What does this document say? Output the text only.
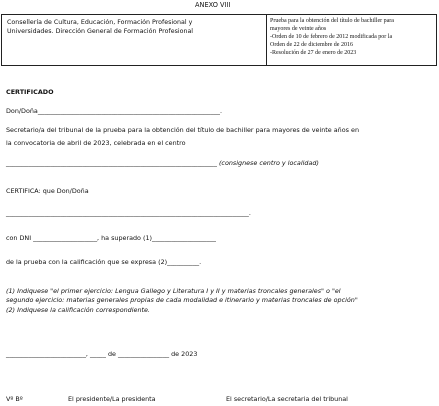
ANEXO VIII
Consellería de Cultura, Educación, Formación Profesional y
Universidades. Dirección General de Formación Profesional
Prueba para la obtención del título de bachiller para
mayores de veinte años
-Orden de 10 de febrero de 2012 modificada por la
Orden de 22 de diciembre de 2016
-Resolución de 27 de enero de 2023
CERTIFICADO
Don/Doña_________________________________________________________.
Secretario/a del tribunal de la prueba para la obtención del título de bachiller para mayores de veinte años en
la convocatoria de abril de 2023, celebrada en el centro
__________________________________________________________________ (consignese centro y localidad)
CERTIFICA: que Don/Doña
____________________________________________________________________________.
con DNI ____________________, ha superado (1)____________________
de la prueba con la calificación que se expresa (2)__________.
(1) Indiquese "el primer ejercicio: Lengua Gallego y Literatura I y II y materias troncales generales" o "el
segundo ejercicio: materias generales propias de cada modalidad e itinerario y materias troncales de opción"
(2) Indiquese la calificación correspondiente.
_________________________, _____ de ________________ de 2023
Vº Bº	El presidente/La presidenta	El secretario/La secretaria del tribunal
